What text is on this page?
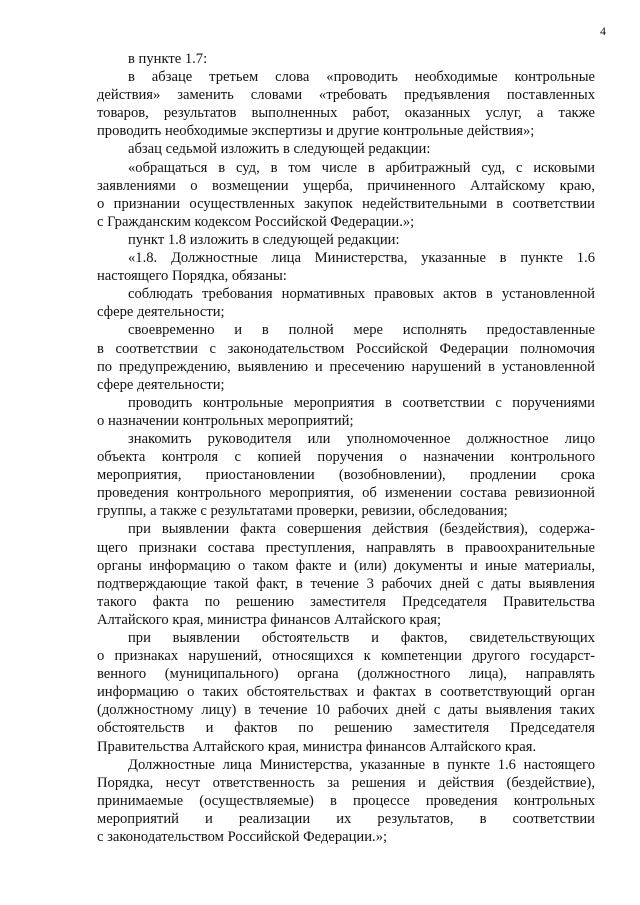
4
в пункте 1.7:
в абзаце третьем слова «проводить необходимые контрольные
действия» заменить словами «требовать предъявления поставленных
товаров, результатов выполненных работ, оказанных услуг, а также
проводить необходимые экспертизы и другие контрольные действия»;
абзац седьмой изложить в следующей редакции:
«обращаться в суд, в том числе в арбитражный суд, с исковыми
заявлениями о возмещении ущерба, причиненного Алтайскому краю,
о признании осуществленных закупок недействительными в соответствии
с Гражданским кодексом Российской Федерации.»;
пункт 1.8 изложить в следующей редакции:
«1.8. Должностные лица Министерства, указанные в пункте 1.6
настоящего Порядка, обязаны:
соблюдать требования нормативных правовых актов в установленной
сфере деятельности;
своевременно и в полной мере исполнять предоставленные
в соответствии с законодательством Российской Федерации полномочия
по предупреждению, выявлению и пресечению нарушений в установленной
сфере деятельности;
проводить контрольные мероприятия в соответствии с поручениями
о назначении контрольных мероприятий;
знакомить руководителя или уполномоченное должностное лицо
объекта контроля с копией поручения о назначении контрольного
мероприятия, приостановлении (возобновлении), продлении срока
проведения контрольного мероприятия, об изменении состава ревизионной
группы, а также с результатами проверки, ревизии, обследования;
при выявлении факта совершения действия (бездействия), содержа-
щего признаки состава преступления, направлять в правоохранительные
органы информацию о таком факте и (или) документы и иные материалы,
подтверждающие такой факт, в течение 3 рабочих дней с даты выявления
такого факта по решению заместителя Председателя Правительства
Алтайского края, министра финансов Алтайского края;
при выявлении обстоятельств и фактов, свидетельствующих
о признаках нарушений, относящихся к компетенции другого государст-
венного (муниципального) органа (должностного лица), направлять
информацию о таких обстоятельствах и фактах в соответствующий орган
(должностному лицу) в течение 10 рабочих дней с даты выявления таких
обстоятельств и фактов по решению заместителя Председателя
Правительства Алтайского края, министра финансов Алтайского края.
Должностные лица Министерства, указанные в пункте 1.6 настоящего
Порядка, несут ответственность за решения и действия (бездействие),
принимаемые (осуществляемые) в процессе проведения контрольных
мероприятий и реализации их результатов, в соответствии
с законодательством Российской Федерации.»;
